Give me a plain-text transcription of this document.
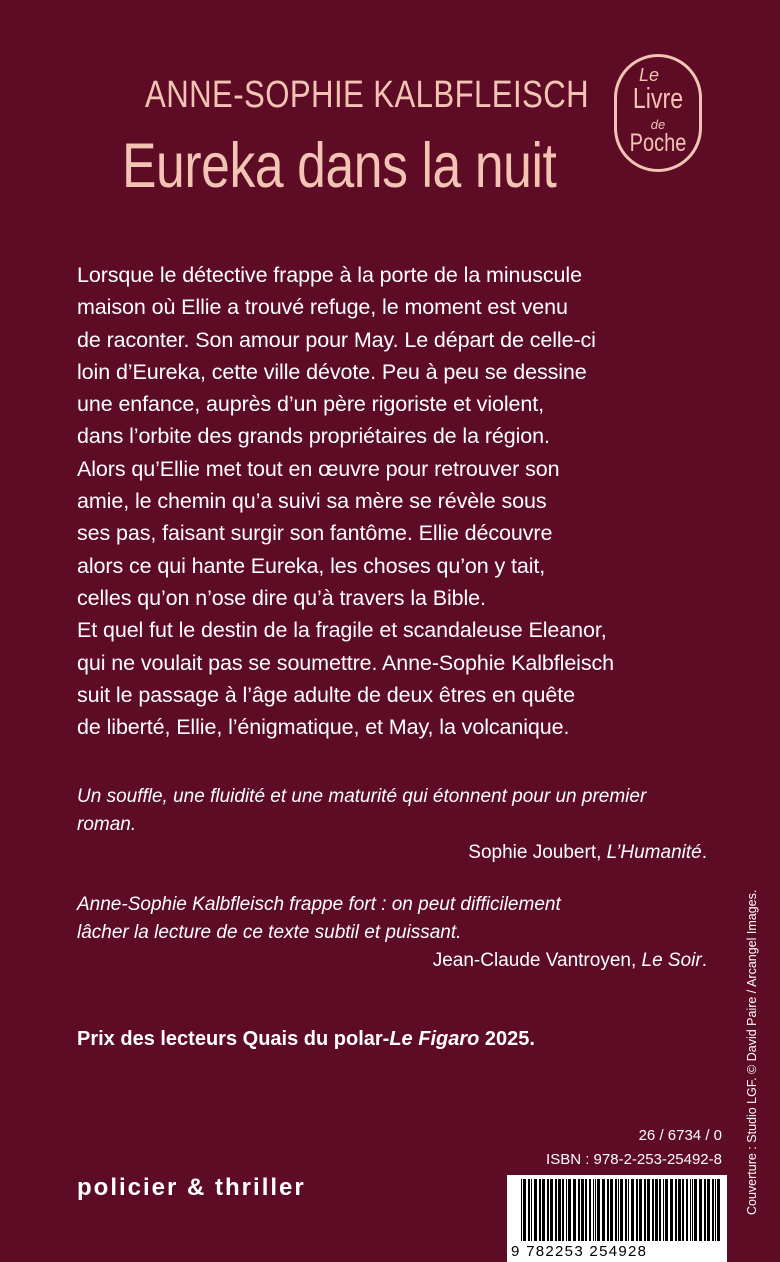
ANNE-SOPHIE KALBFLEISCH
Eureka dans la nuit
Le
Livre
de
Poche

Lorsque le détective frappe à la porte de la minuscule

maison où Ellie a trouvé refuge, le moment est venu

de raconter. Son amour pour May. Le départ de celle-ci

loin d’Eureka, cette ville dévote. Peu à peu se dessine

une enfance, auprès d’un père rigoriste et violent,

dans l’orbite des grands propriétaires de la région.

Alors qu’Ellie met tout en œuvre pour retrouver son

amie, le chemin qu’a suivi sa mère se révèle sous

ses pas, faisant surgir son fantôme. Ellie découvre

alors ce qui hante Eureka, les choses qu’on y tait,

celles qu’on n’ose dire qu’à travers la Bible.

Et quel fut le destin de la fragile et scandaleuse Eleanor,

qui ne voulait pas se soumettre. Anne-Sophie Kalbfleisch

suit le passage à l’âge adulte de deux êtres en quête

de liberté, Ellie, l’énigmatique, et May, la volcanique.

Un souffle, une fluidité et une maturité qui étonnent pour un premier
roman.
Sophie Joubert, L’Humanité.
Anne-Sophie Kalbfleisch frappe fort : on peut difficilement
lâcher la lecture de ce texte subtil et puissant.
Jean-Claude Vantroyen, Le Soir.
Prix des lecteurs Quais du polar-Le Figaro 2025.
26 / 6734 / 0
ISBN : 978-2-253-25492-8
policier & thriller	Couverture : Studio LGF. © David Paire / Arcangel Images.
9 782253 254928
